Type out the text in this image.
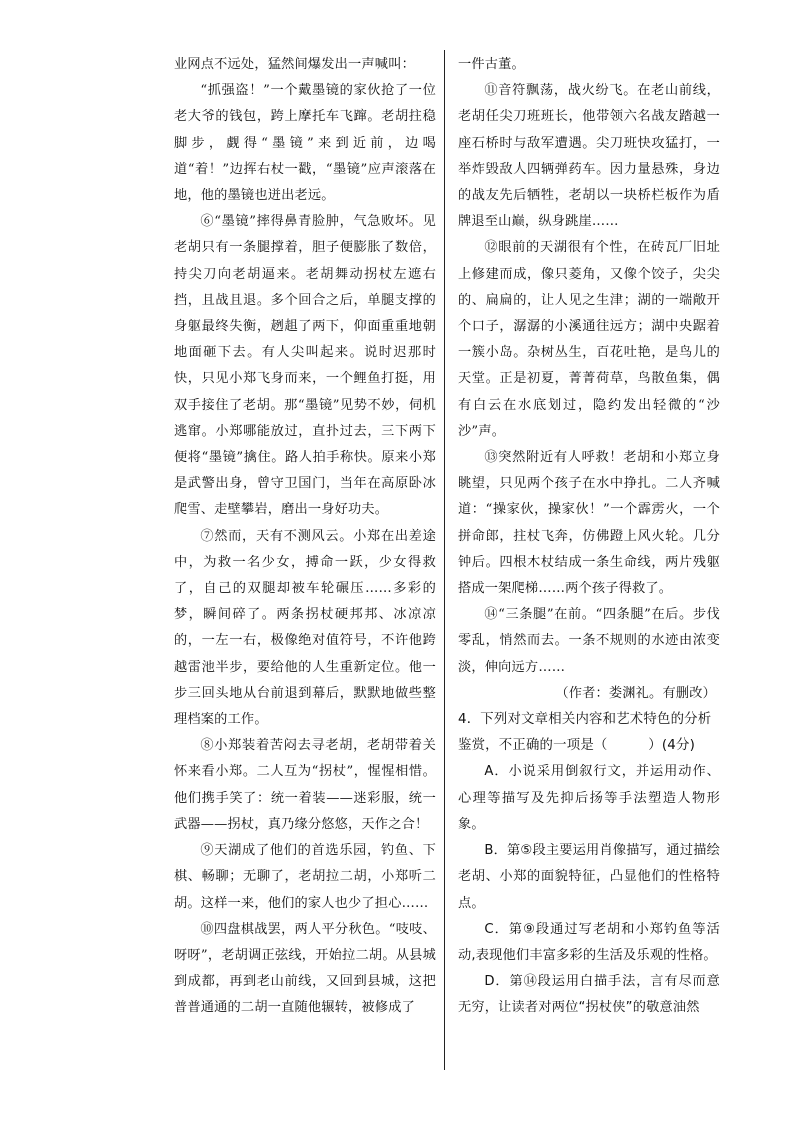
业网点不远处，猛然间爆发出一声喊叫：

“抓强盗！”一个戴墨镜的家伙抢了一位老大爷的钱包，跨上摩托车飞蹿。老胡拄稳脚步，觑得“墨镜”来到近前，边喝道“着！”边挥右杖一戳，“墨镜”应声滚落在地，他的墨镜也迸出老远。

⑥“墨镜”摔得鼻青脸肿，气急败坏。见老胡只有一条腿撑着，胆子便膨胀了数倍，持尖刀向老胡逼来。老胡舞动拐杖左遮右挡，且战且退。多个回合之后，单腿支撑的身躯最终失衡，趔趄了两下，仰面重重地朝地面砸下去。有人尖叫起来。说时迟那时快，只见小郑飞身而来，一个鲤鱼打挺，用双手接住了老胡。那“墨镜”见势不妙，伺机逃窜。小郑哪能放过，直扑过去，三下两下便将“墨镜”擒住。路人拍手称快。原来小郑是武警出身，曾守卫国门，当年在高原卧冰爬雪、走壁攀岩，磨出一身好功夫。

⑦然而，天有不测风云。小郑在出差途中，为救一名少女，搏命一跃，少女得救了，自己的双腿却被车轮碾压……多彩的梦，瞬间碎了。两条拐杖硬邦邦、冰凉凉的，一左一右，极像绝对值符号，不许他跨越雷池半步，要给他的人生重新定位。他一步三回头地从台前退到幕后，默默地做些整理档案的工作。

⑧小郑装着苦闷去寻老胡，老胡带着关怀来看小郑。二人互为“拐杖”，惺惺相惜。他们携手笑了：统一着装——迷彩服，统一武器——拐杖，真乃缘分悠悠，天作之合！

⑨天湖成了他们的首选乐园，钓鱼、下棋、畅聊；无聊了，老胡拉二胡，小郑听二胡。这样一来，他们的家人也少了担心……

⑩四盘棋战罢，两人平分秋色。“吱吱、呀呀”，老胡调正弦线，开始拉二胡。从县城到成都，再到老山前线，又回到县城，这把普普通通的二胡一直随他辗转，被修成了

一件古董。

⑪音符飘荡，战火纷飞。在老山前线，老胡任尖刀班班长，他带领六名战友踏越一座石桥时与敌军遭遇。尖刀班快攻猛打，一举炸毁敌人四辆弹药车。因力量悬殊，身边的战友先后牺牲，老胡以一块桥栏板作为盾牌退至山巅，纵身跳崖……

⑫眼前的天湖很有个性，在砖瓦厂旧址上修建而成，像只菱角，又像个饺子，尖尖的、扁扁的，让人见之生津；湖的一端敞开个口子，潺潺的小溪通往远方；湖中央踞着一簇小岛。杂树丛生，百花吐艳，是鸟儿的天堂。正是初夏，菁菁荷草，鸟散鱼集，偶有白云在水底划过，隐约发出轻微的“沙沙”声。

⑬突然附近有人呼救！老胡和小郑立身眺望，只见两个孩子在水中挣扎。二人齐喊道：“操家伙，操家伙！”一个霹雳火，一个拼命郎，拄杖飞奔，仿佛蹬上风火轮。几分钟后。四根木杖结成一条生命线，两片残躯搭成一架爬梯……两个孩子得救了。

⑭“三条腿”在前。“四条腿”在后。步伐零乱，悄然而去。一条不规则的水迹由浓变淡，伸向远方……

（作者：娄渊礼。有删改）

4．下列对文章相关内容和艺术特色的分析鉴赏，不正确的一项是（　　　）(4分)

A．小说采用倒叙行文，并运用动作、心理等描写及先抑后扬等手法塑造人物形象。

B．第⑤段主要运用肖像描写，通过描绘老胡、小郑的面貌特征，凸显他们的性格特点。

C．第⑨段通过写老胡和小郑钓鱼等活动,表现他们丰富多彩的生活及乐观的性格。

D．第⑭段运用白描手法，言有尽而意无穷，让读者对两位“拐杖侠”的敬意油然
